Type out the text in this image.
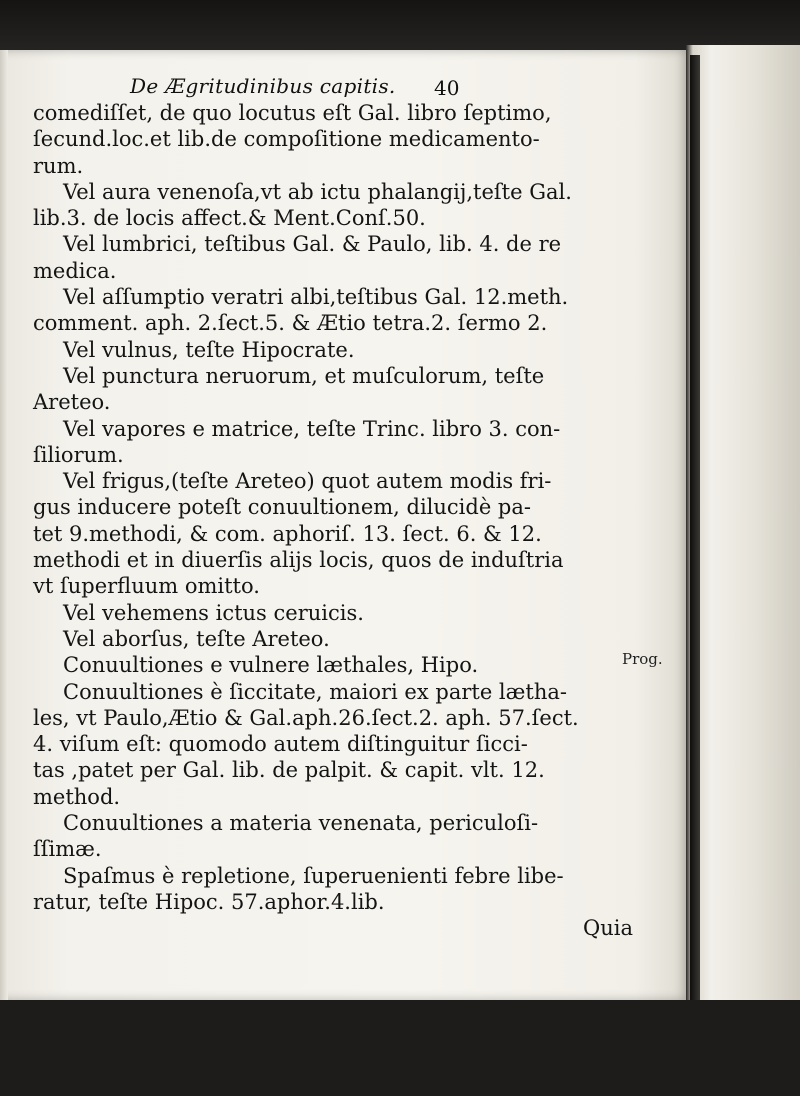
De Ægritudinibus capitis.	40
comediſſet, de quo locutus eſt Gal. libro ſeptimo,
ſecund.loc.et lib.de compoſitione medicamento-
rum.
Vel aura venenoſa,vt ab ictu phalangij,teſte Gal.
lib.3. de locis affect.& Ment.Conſ.50.
Vel lumbrici, teſtibus Gal. & Paulo, lib. 4. de re
medica.
Vel aſſumptio veratri albi,teſtibus Gal. 12.meth.
comment. aph. 2.ſect.5. & Ætio tetra.2. ſermo 2.
Vel vulnus, teſte Hipocrate.
Vel punctura neruorum, et muſculorum, teſte
Areteo.
Vel vapores e matrice, teſte Trinc. libro 3. con-
ſiliorum.
Vel frigus,(teſte Areteo) quot autem modis fri-
gus inducere poteſt conuultionem, dilucidè pa-
tet 9.methodi, & com. aphoriſ. 13. ſect. 6. & 12.
methodi et in diuerſis alijs locis, quos de induſtria
vt ſuperfluum omitto.
Vel vehemens ictus ceruicis.
Vel aborſus, teſte Areteo.
Conuultiones e vulnere læthales, Hipo.
Conuultiones è ſiccitate, maiori ex parte lætha-
les, vt Paulo,Ætio & Gal.aph.26.ſect.2. aph. 57.ſect.
4. viſum eſt: quomodo autem diſtinguitur ſicci-
tas ,patet per Gal. lib. de palpit. & capit. vlt. 12.
method.
Conuultiones a materia venenata, periculoſi-
ſſimæ.
Spaſmus è repletione, ſuperuenienti febre libe-
ratur, teſte Hipoc. 57.aphor.4.lib.
Quia
Prog.
